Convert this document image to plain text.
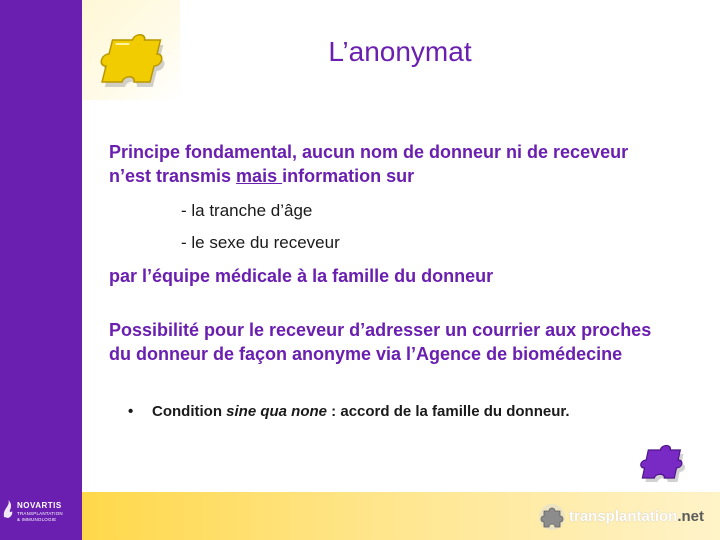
NOVARTIS
TRANSPLANTATION
& IMMUNOLOGIE
L’anonymat
Principe fondamental, aucun nom de donneur ni de receveur n’est transmis mais information sur
- la tranche d’âge
- le sexe du receveur
par l’équipe médicale à la famille du donneur
Possibilité pour le receveur d’adresser un courrier aux proches du donneur de façon anonyme via l’Agence de biomédecine
• Condition sine qua none : accord de la famille du donneur.
transplantation.net
